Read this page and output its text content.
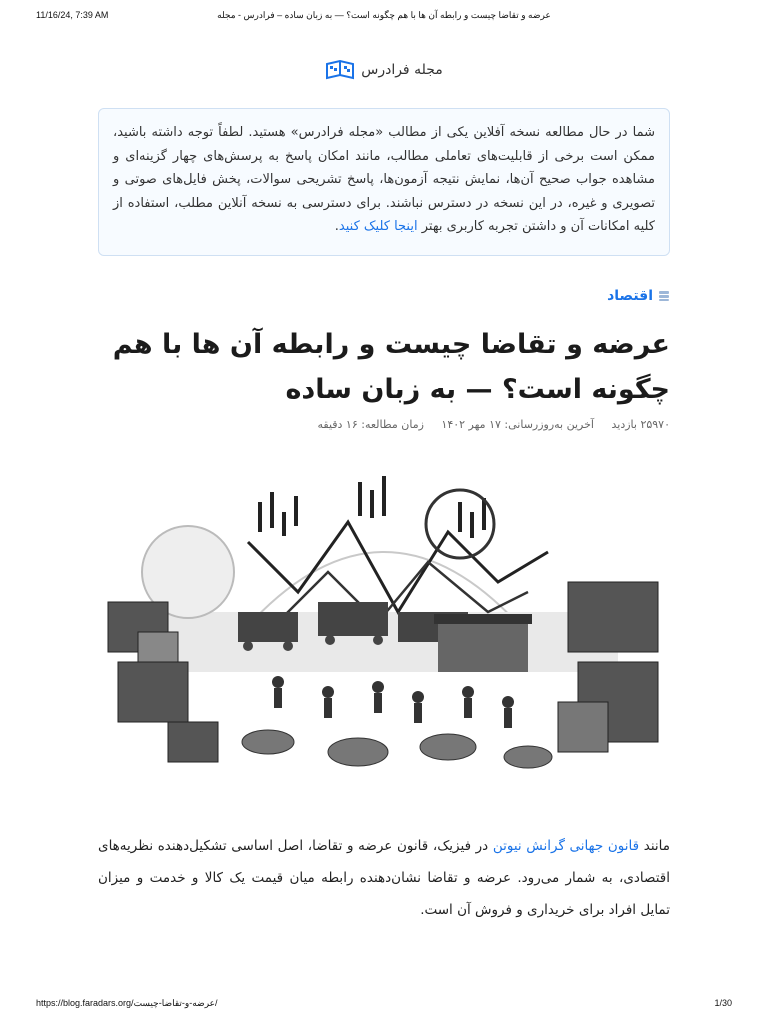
11/16/24, 7:39 AM	عرضه و تقاضا چیست و رابطه آن ها با هم چگونه است؟ — به زبان ساده – فرادرس - مجله
مجله فرادرس
شما در حال مطالعه نسخه آفلاین یکی از مطالب «مجله فرادرس» هستید. لطفاً توجه داشته باشید، ممکن است برخی از قابلیت‌های تعاملی مطالب، مانند امکان پاسخ به پرسش‌های چهار گزینه‌ای و مشاهده جواب صحیح آن‌ها، نمایش نتیجه آزمون‌ها، پاسخ تشریحی سوالات، پخش فایل‌های صوتی و تصویری و غیره، در این نسخه در دسترس نباشند. برای دسترسی به نسخه آنلاین مطلب، استفاده از کلیه امکانات آن و داشتن تجربه کاربری بهتر اینجا کلیک کنید.
اقتصاد
عرضه و تقاضا چیست و رابطه آن ها با هم چگونه است؟ — به زبان ساده
۲۵۹۷۰ بازدید آخرین به‌روزرسانی: ۱۷ مهر ۱۴۰۲ زمان مطالعه: ۱۶ دقیقه
مانند قانون جهانی گرانش نیوتن در فیزیک، قانون عرضه و تقاضا، اصل اساسی تشکیل‌دهنده نظریه‌های اقتصادی، به شمار می‌رود. عرضه و تقاضا نشان‌دهنده رابطه میان قیمت یک کالا و خدمت و میزان تمایل افراد برای خریداری و فروش آن است.
https://blog.faradars.org/عرضه-و-تقاضا-چیست/	1/30
